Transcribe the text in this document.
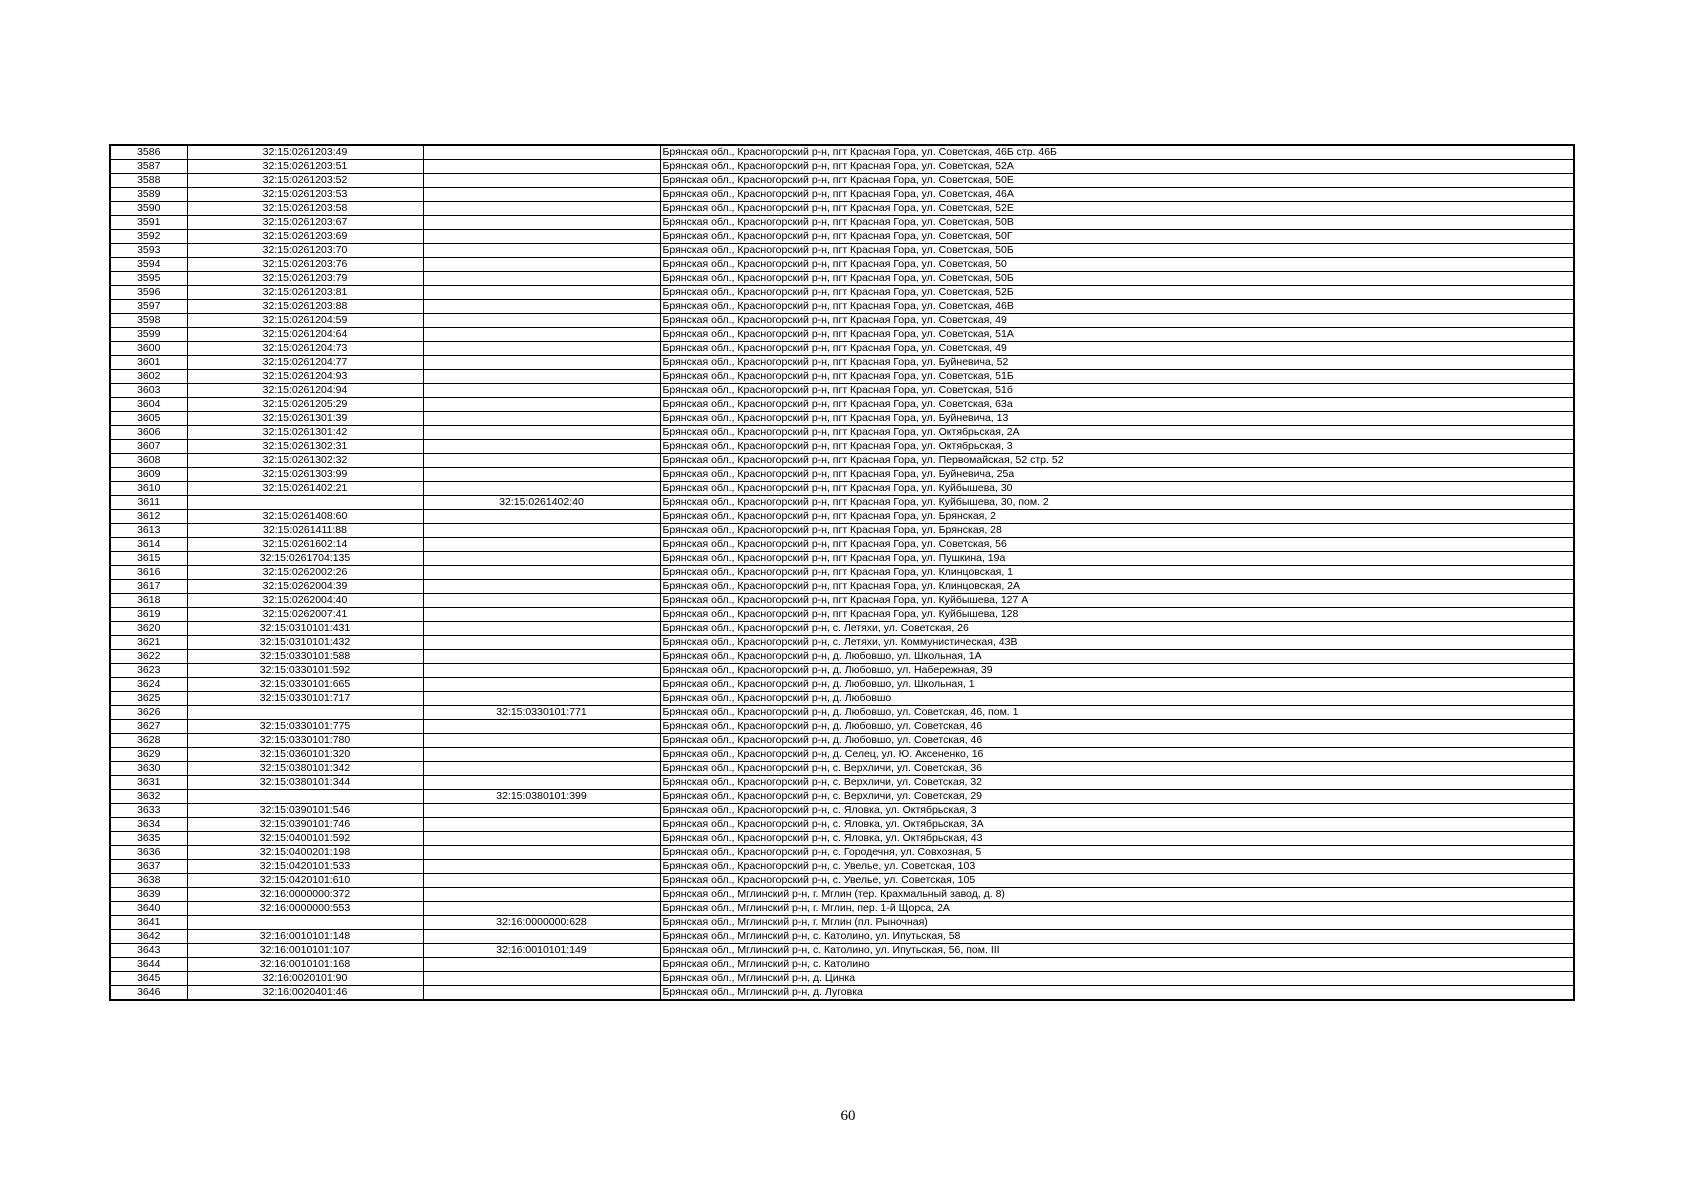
3586	32:15:0261203:49		Брянская обл., Красногорский р-н, пгт Красная Гора, ул. Советская, 46Б стр. 46Б
3587	32:15:0261203:51		Брянская обл., Красногорский р-н, пгт Красная Гора, ул. Советская, 52А
3588	32:15:0261203:52		Брянская обл., Красногорский р-н, пгт Красная Гора, ул. Советская, 50Е
3589	32:15:0261203:53		Брянская обл., Красногорский р-н, пгт Красная Гора, ул. Советская, 46А
3590	32:15:0261203:58		Брянская обл., Красногорский р-н, пгт Красная Гора, ул. Советская, 52Е
3591	32:15:0261203:67		Брянская обл., Красногорский р-н, пгт Красная Гора, ул. Советская, 50В
3592	32:15:0261203:69		Брянская обл., Красногорский р-н, пгт Красная Гора, ул. Советская, 50Г
3593	32:15:0261203:70		Брянская обл., Красногорский р-н, пгт Красная Гора, ул. Советская, 50Б
3594	32:15:0261203:76		Брянская обл., Красногорский р-н, пгт Красная Гора, ул. Советская, 50
3595	32:15:0261203:79		Брянская обл., Красногорский р-н, пгт Красная Гора, ул. Советская, 50Б
3596	32:15:0261203:81		Брянская обл., Красногорский р-н, пгт Красная Гора, ул. Советская, 52Б
3597	32:15:0261203:88		Брянская обл., Красногорский р-н, пгт Красная Гора, ул. Советская, 46В
3598	32:15:0261204:59		Брянская обл., Красногорский р-н, пгт Красная Гора, ул. Советская, 49
3599	32:15:0261204:64		Брянская обл., Красногорский р-н, пгт Красная Гора, ул. Советская, 51А
3600	32:15:0261204:73		Брянская обл., Красногорский р-н, пгт Красная Гора, ул. Советская, 49
3601	32:15:0261204:77		Брянская обл., Красногорский р-н, пгт Красная Гора, ул. Буйневича, 52
3602	32:15:0261204:93		Брянская обл., Красногорский р-н, пгт Красная Гора, ул. Советская, 51Б
3603	32:15:0261204:94		Брянская обл., Красногорский р-н, пгт Красная Гора, ул. Советская, 51б
3604	32:15:0261205:29		Брянская обл., Красногорский р-н, пгт Красная Гора, ул. Советская, 63а
3605	32:15:0261301:39		Брянская обл., Красногорский р-н, пгт Красная Гора, ул. Буйневича, 13
3606	32:15:0261301:42		Брянская обл., Красногорский р-н, пгт Красная Гора, ул. Октябрьская, 2А
3607	32:15:0261302:31		Брянская обл., Красногорский р-н, пгт Красная Гора, ул. Октябрьская, 3
3608	32:15:0261302:32		Брянская обл., Красногорский р-н, пгт Красная Гора, ул. Первомайская, 52 стр. 52
3609	32:15:0261303:99		Брянская обл., Красногорский р-н, пгт Красная Гора, ул. Буйневича, 25а
3610	32:15:0261402:21		Брянская обл., Красногорский р-н, пгт Красная Гора, ул. Куйбышева, 30
3611		32:15:0261402:40	Брянская обл., Красногорский р-н, пгт Красная Гора, ул. Куйбышева, 30, пом. 2
3612	32:15:0261408:60		Брянская обл., Красногорский р-н, пгт Красная Гора, ул. Брянская, 2
3613	32:15:0261411:88		Брянская обл., Красногорский р-н, пгт Красная Гора, ул. Брянская, 28
3614	32:15:0261602:14		Брянская обл., Красногорский р-н, пгт Красная Гора, ул. Советская, 56
3615	32:15:0261704:135		Брянская обл., Красногорский р-н, пгт Красная Гора, ул. Пушкина, 19а
3616	32:15:0262002:26		Брянская обл., Красногорский р-н, пгт Красная Гора, ул. Клинцовская, 1
3617	32:15:0262004:39		Брянская обл., Красногорский р-н, пгт Красная Гора, ул. Клинцовская, 2А
3618	32:15:0262004:40		Брянская обл., Красногорский р-н, пгт Красная Гора, ул. Куйбышева, 127 А
3619	32:15:0262007:41		Брянская обл., Красногорский р-н, пгт Красная Гора, ул. Куйбышева, 128
3620	32:15:0310101:431		Брянская обл., Красногорский р-н, с. Летяхи, ул. Советская, 26
3621	32:15:0310101:432		Брянская обл., Красногорский р-н, с. Летяхи, ул. Коммунистическая, 43В
3622	32:15:0330101:588		Брянская обл., Красногорский р-н, д. Любовшо, ул. Школьная, 1А
3623	32:15:0330101:592		Брянская обл., Красногорский р-н, д. Любовшо, ул. Набережная, 39
3624	32:15:0330101:665		Брянская обл., Красногорский р-н, д. Любовшо, ул. Школьная, 1
3625	32:15:0330101:717		Брянская обл., Красногорский р-н, д. Любовшо
3626		32:15:0330101:771	Брянская обл., Красногорский р-н, д. Любовшо, ул. Советская, 46, пом. 1
3627	32:15:0330101:775		Брянская обл., Красногорский р-н, д. Любовшо, ул. Советская, 46
3628	32:15:0330101:780		Брянская обл., Красногорский р-н, д. Любовшо, ул. Советская, 46
3629	32:15:0360101:320		Брянская обл., Красногорский р-н, д. Селец, ул. Ю. Аксененко, 16
3630	32:15:0380101:342		Брянская обл., Красногорский р-н, с. Верхличи, ул. Советская, 36
3631	32:15:0380101:344		Брянская обл., Красногорский р-н, с. Верхличи, ул. Советская, 32
3632		32:15:0380101:399	Брянская обл., Красногорский р-н, с. Верхличи, ул. Советская, 29
3633	32:15:0390101:546		Брянская обл., Красногорский р-н, с. Яловка, ул. Октябрьская, 3
3634	32:15:0390101:746		Брянская обл., Красногорский р-н, с. Яловка, ул. Октябрьская, 3А
3635	32:15:0400101:592		Брянская обл., Красногорский р-н, с. Яловка, ул. Октябрьская, 43
3636	32:15:0400201:198		Брянская обл., Красногорский р-н, с. Городечня, ул. Совхозная, 5
3637	32:15:0420101:533		Брянская обл., Красногорский р-н, с. Увелье, ул. Советская, 103
3638	32:15:0420101:610		Брянская обл., Красногорский р-н, с. Увелье, ул. Советская, 105
3639	32:16:0000000:372		Брянская обл., Мглинский р-н, г. Мглин (тер. Крахмальный завод, д. 8)
3640	32:16:0000000:553		Брянская обл., Мглинский р-н, г. Мглин, пер. 1-й Щорса, 2А
3641		32:16:0000000:628	Брянская обл., Мглинский р-н, г. Мглин (пл. Рыночная)
3642	32:16:0010101:148		Брянская обл., Мглинский р-н, с. Католино, ул. Ипутьская, 58
3643	32:16:0010101:107	32:16:0010101:149	Брянская обл., Мглинский р-н, с. Католино, ул. Ипутьская, 56, пом. III
3644	32:16:0010101:168		Брянская обл., Мглинский р-н, с. Католино
3645	32:16:0020101:90		Брянская обл., Мглинский р-н, д. Цинка
3646	32:16:0020401:46		Брянская обл., Мглинский р-н, д. Луговка
60
